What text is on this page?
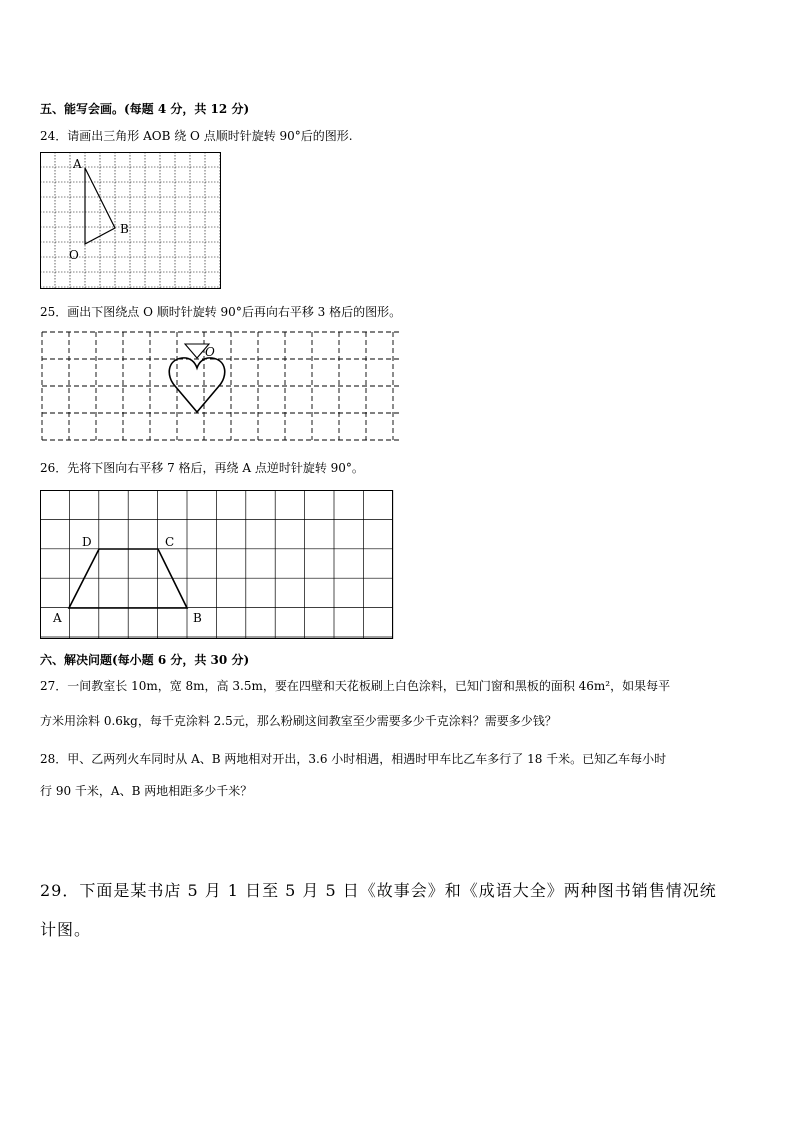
五、能写会画。(每题 4 分，共 12 分)
24．请画出三角形 AOB 绕 O 点顺时针旋转 90°后的图形.
A
B
O
25．画出下图绕点 O 顺时针旋转 90°后再向右平移 3 格后的图形。
O
26．先将下图向右平移 7 格后，再绕 A 点逆时针旋转 90°。
A	B
C
D
六、解决问题(每小题 6 分，共 30 分)
27．一间教室长 10m，宽 8m，高 3.5m，要在四壁和天花板刷上白色涂料，已知门窗和黑板的面积 46m²，如果每平
方米用涂料 0.6kg，每千克涂料 2.5元，那么粉刷这间教室至少需要多少千克涂料？需要多少钱？
28．甲、乙两列火车同时从 A、B 两地相对开出，3.6 小时相遇，相遇时甲车比乙车多行了 18 千米。已知乙车每小时
行 90 千米，A、B 两地相距多少千米？
29．下面是某书店 5 月 1 日至 5 月 5 日《故事会》和《成语大全》两种图书销售情况统
计图。
